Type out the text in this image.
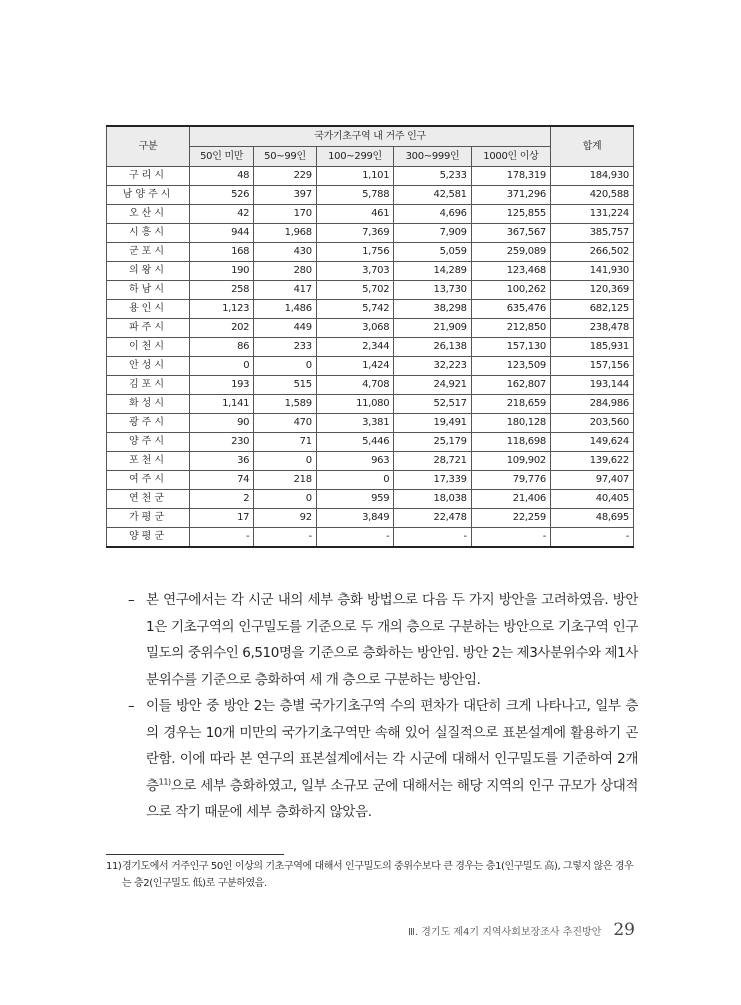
구분	국가기초구역 내 거주 인구					합계
	50인 미만	50~99인	100~299인	300~999인	1000인 이상	
구리시	48	229	1,101	5,233	178,319	184,930
남양주시	526	397	5,788	42,581	371,296	420,588
오산시	42	170	461	4,696	125,855	131,224
시흥시	944	1,968	7,369	7,909	367,567	385,757
군포시	168	430	1,756	5,059	259,089	266,502
의왕시	190	280	3,703	14,289	123,468	141,930
하남시	258	417	5,702	13,730	100,262	120,369
용인시	1,123	1,486	5,742	38,298	635,476	682,125
파주시	202	449	3,068	21,909	212,850	238,478
이천시	86	233	2,344	26,138	157,130	185,931
안성시	0	0	1,424	32,223	123,509	157,156
김포시	193	515	4,708	24,921	162,807	193,144
화성시	1,141	1,589	11,080	52,517	218,659	284,986
광주시	90	470	3,381	19,491	180,128	203,560
양주시	230	71	5,446	25,179	118,698	149,624
포천시	36	0	963	28,721	109,902	139,622
여주시	74	218	0	17,339	79,776	97,407
연천군	2	0	959	18,038	21,406	40,405
가평군	17	92	3,849	22,478	22,259	48,695
양평군	-	-	-	-	-	-

– 본 연구에서는 각 시군 내의 세부 층화 방법으로 다음 두 가지 방안을 고려하였음. 방안 1은 기초구역의 인구밀도를 기준으로 두 개의 층으로 구분하는 방안으로 기초구역 인구밀도의 중위수인 6,510명을 기준으로 층화하는 방안임. 방안 2는 제3사분위수와 제1사분위수를 기준으로 층화하여 세 개 층으로 구분하는 방안임.

– 이들 방안 중 방안 2는 층별 국가기초구역 수의 편차가 대단히 크게 나타나고, 일부 층의 경우는 10개 미만의 국가기초구역만 속해 있어 실질적으로 표본설계에 활용하기 곤란함. 이에 따라 본 연구의 표본설계에서는 각 시군에 대해서 인구밀도를 기준하여 2개 층$^{11)}$으로 세부 층화하였고, 일부 소규모 군에 대해서는 해당 지역의 인구 규모가 상대적으로 작기 때문에 세부 층화하지 않았음.

11) 경기도에서 거주인구 50인 이상의 기초구역에 대해서 인구밀도의 중위수보다 큰 경우는 층1(인구밀도 高), 그렇지 않은 경우는 층2(인구밀도 低)로 구분하였음.
Ⅲ. 경기도 제4기 지역사회보장조사 추진방안 29
